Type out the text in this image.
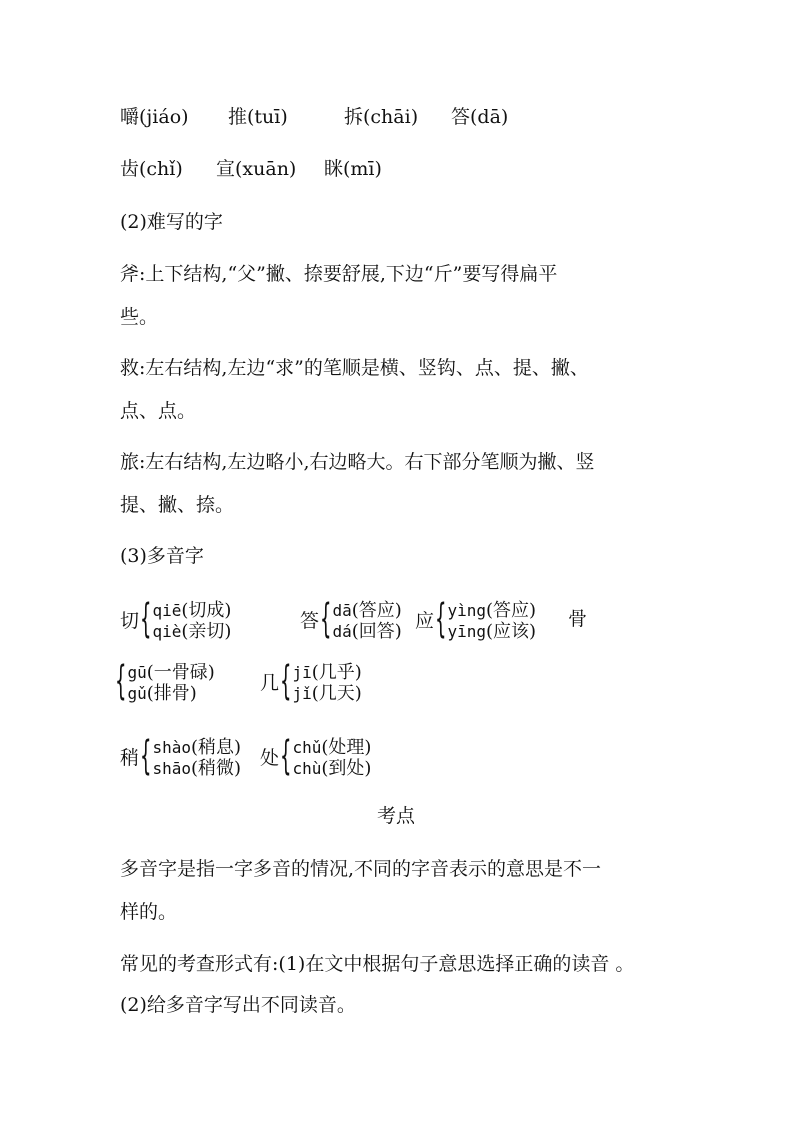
嚼(jiáo) 推(tuī)	拆(chāi) 答(dā)
齿(chǐ) 宣(xuān) 眯(mī)
(2)难写的字
斧:上下结构,“父”撇、捺要舒展,下边“斤”要写得扁平
些。
救:左右结构,左边“求”的笔顺是横、竖钩、点、提、撇、
点、点。
旅:左右结构,左边略小,右边略大。右下部分笔顺为撇、竖
提、撇、捺。
(3)多音字
切 { qiē(切成)
qiè(亲切)	答 { dā(答应)
dá(回答) 应 { yìng(答应)
yīng(应该)
骨
{ gū(一骨碌)
gǔ(排骨)	几 { jī(几乎)
jǐ(几天)
稍 { shào(稍息)
shāo(稍微) 处 { chǔ(处理)
chù(到处)
考点
多音字是指一字多音的情况,不同的字音表示的意思是不一
样的。
常见的考查形式有:(1)在文中根据句子意思选择正确的读音 。
(2)给多音字写出不同读音。
